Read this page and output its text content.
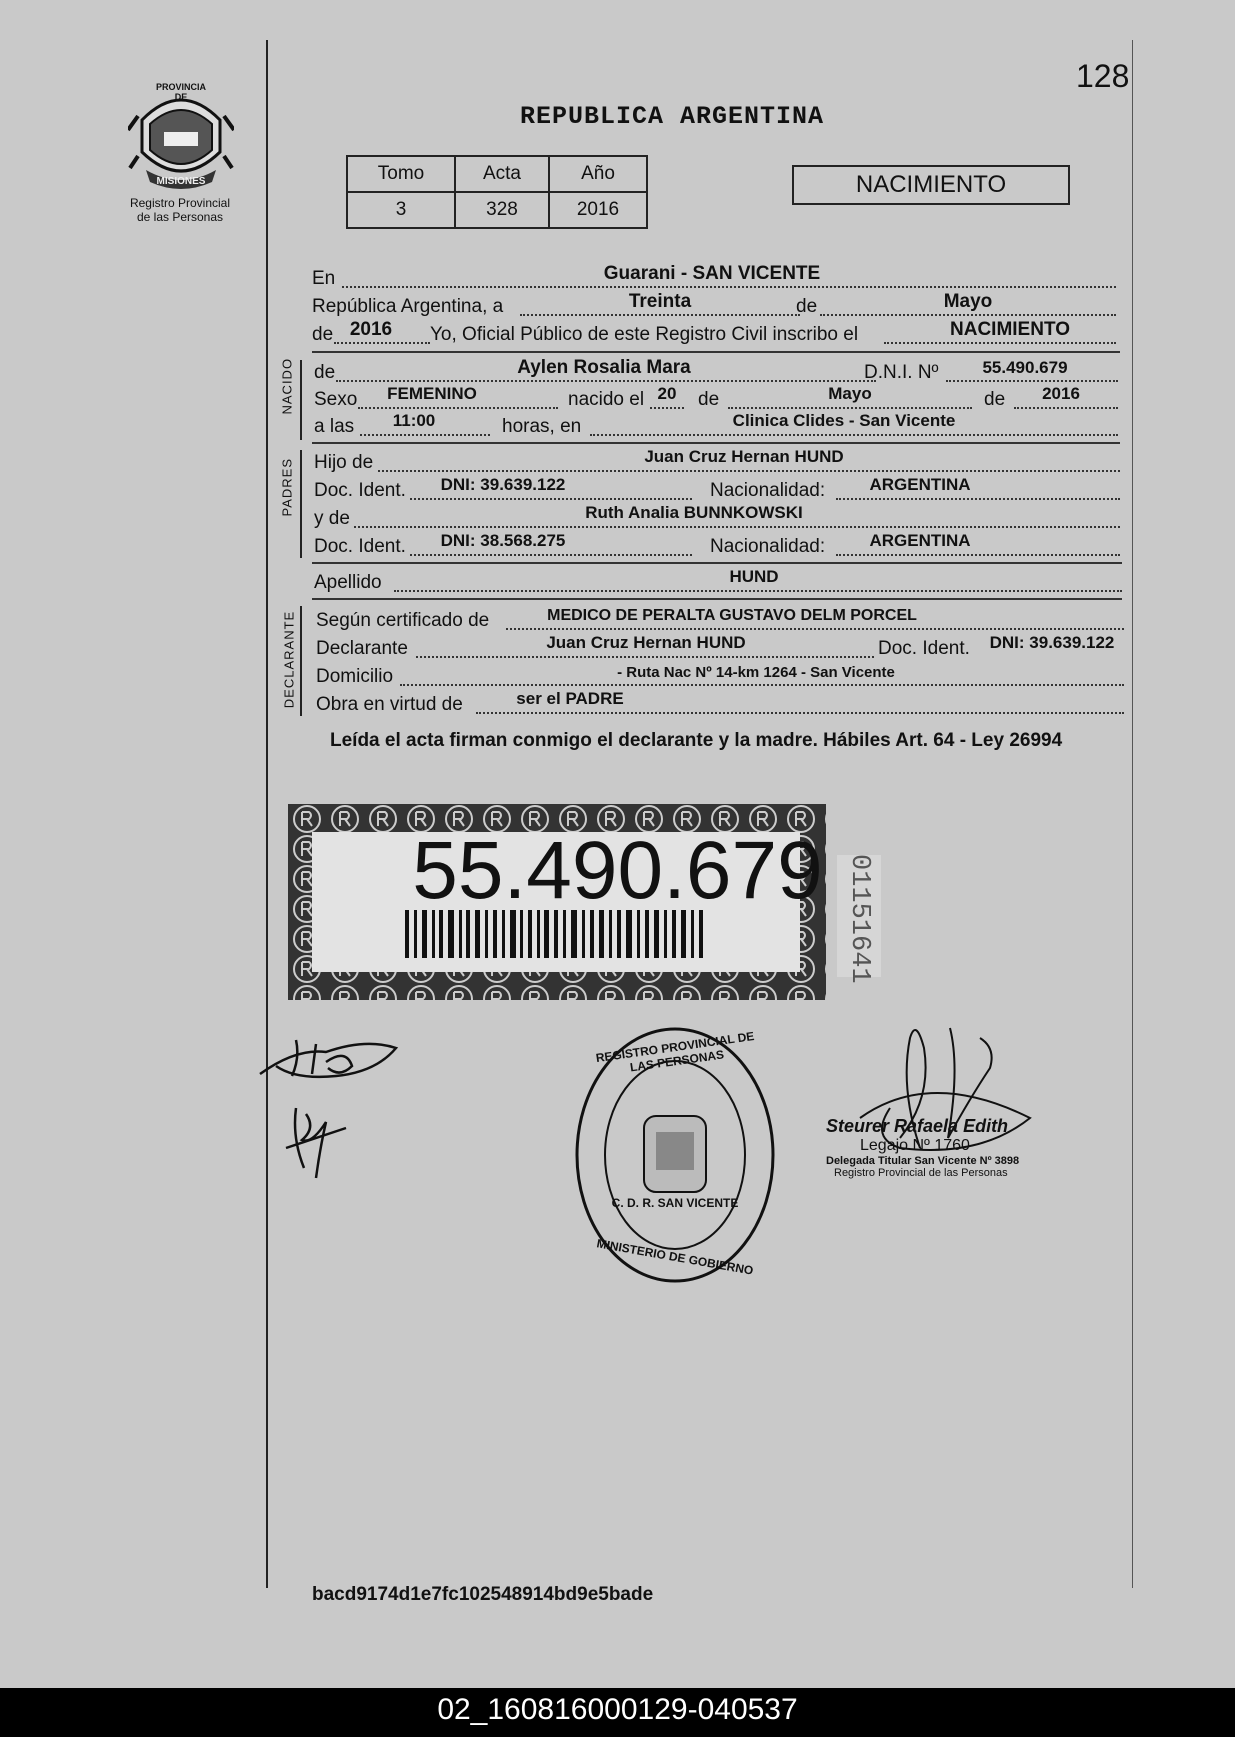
128
PROVINCIA DE
MISIONES
Registro Provincial
de las Personas
REPUBLICA ARGENTINA
Tomo	Acta	Año
3	328	2016
NACIMIENTO
En	Guarani - SAN VICENTE
República Argentina, a	Treinta	de	Mayo
de 2016	Yo, Oficial Público de este Registro Civil inscribo el	NACIMIENTO
NACIDO de	Aylen Rosalia Mara	D.N.I. Nº	55.490.679
Sexo	FEMENINO	nacido el 20	de	Mayo	de	2016
a las	11:00	horas, en	Clinica Clides - San Vicente
PADRES Hijo de	Juan Cruz Hernan HUND
Doc. Ident.	DNI: 39.639.122	Nacionalidad:	ARGENTINA
y de	Ruth Analia BUNNKOWSKI
Doc. Ident.	DNI: 38.568.275	Nacionalidad:	ARGENTINA
Apellido	HUND
DECLARANTE Según certificado de	MEDICO DE PERALTA GUSTAVO DELM PORCEL
Declarante	Juan Cruz Hernan HUND	Doc. Ident.	DNI: 39.639.122
Domicilio	- Ruta Nac Nº 14-km 1264 - San Vicente
Obra en virtud de	ser el PADRE
Leída el acta firman conmigo el declarante y la madre. Hábiles Art. 64 - Ley 26994
55.490.679 01151641
REGISTRO PROVINCIAL DE LAS PERSONAS
C. D. R. SAN VICENTE
MINISTERIO DE GOBIERNO
Steurer Rafaela Edith
Legajo Nº 1760
Delegada Titular San Vicente Nº 3898
Registro Provincial de las Personas
bacd9174d1e7fc102548914bd9e5bade
02_160816000129-040537
